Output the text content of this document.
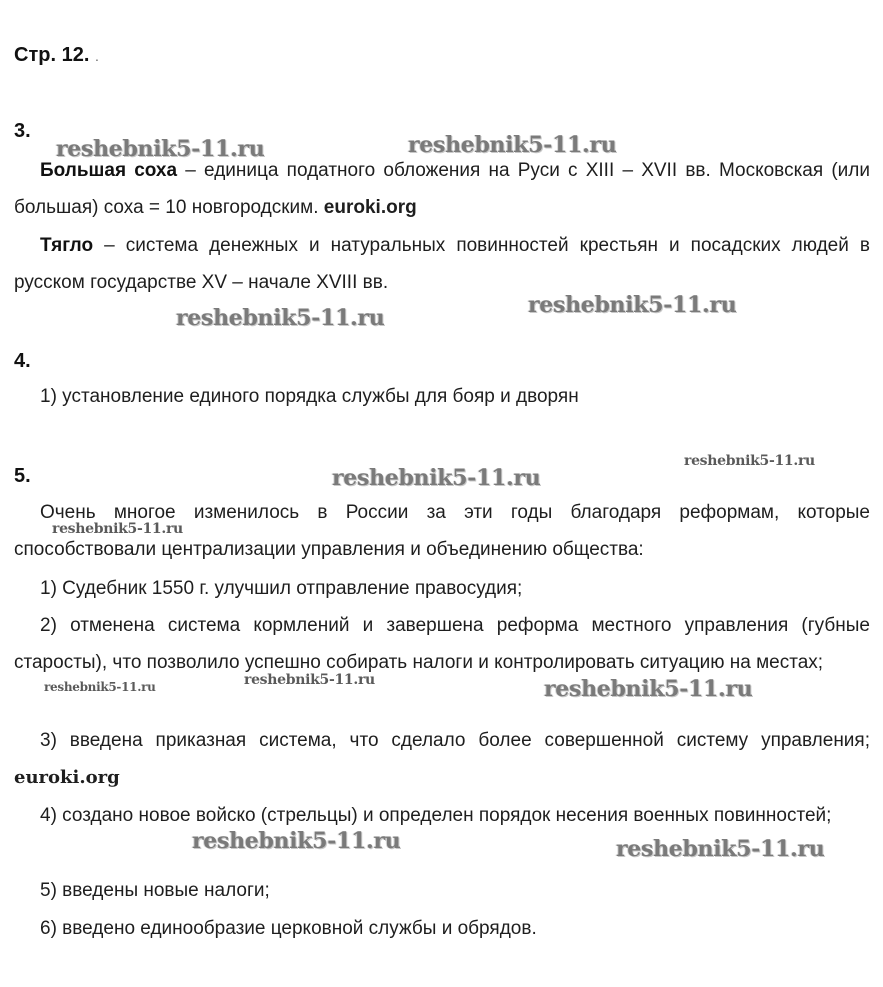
Стр. 12. .
3.

Большая соха – единица податного обложения на Руси с XIII – XVII вв. Московская (или большая) соха = 10 новгородским. euroki.org

Тягло – система денежных и натуральных повинностей крестьян и посадских людей в русском государстве XV – начале XVIII вв.

4.
1) установление единого порядка службы для бояр и дворян
5.

Очень многое изменилось в России за эти годы благодаря реформам, которые способствовали централизации управления и объединению общества:

1) Судебник 1550 г. улучшил отправление правосудия;

2) отменена система кормлений и завершена реформа местного управления (губные старосты), что позволило успешно собирать налоги и контролировать ситуацию на местах;

3) введена приказная система, что сделало более совершенной систему управления; euroki.org

4) создано новое войско (стрельцы) и определен порядок несения военных повинностей;

5) введены новые налоги;
6) введено единообразие церковной службы и обрядов.
reshebnik5-11.ru	reshebnik5-11.ru
reshebnik5-11.ru
reshebnik5-11.ru
reshebnik5-11.ru
reshebnik5-11.ru
reshebnik5-11.ru
reshebnik5-11.ru	reshebnik5-11.ru	reshebnik5-11.ru
reshebnik5-11.ru	reshebnik5-11.ru
